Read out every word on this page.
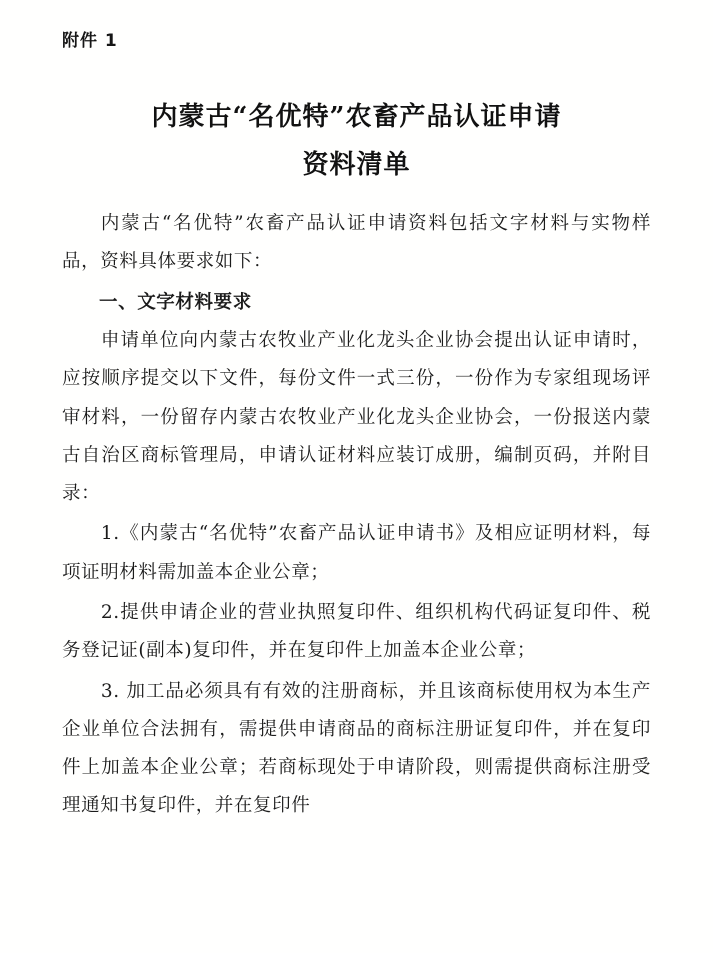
附件 1
内蒙古“名优特”农畜产品认证申请
资料清单

内蒙古“名优特”农畜产品认证申请资料包括文字材料与实物样品，资料具体要求如下：

一、文字材料要求

申请单位向内蒙古农牧业产业化龙头企业协会提出认证申请时，应按顺序提交以下文件，每份文件一式三份，一份作为专家组现场评审材料，一份留存内蒙古农牧业产业化龙头企业协会，一份报送内蒙古自治区商标管理局，申请认证材料应装订成册，编制页码，并附目录：

1.《内蒙古“名优特”农畜产品认证申请书》及相应证明材料，每项证明材料需加盖本企业公章；

2.提供申请企业的营业执照复印件、组织机构代码证复印件、税务登记证(副本)复印件，并在复印件上加盖本企业公章；

3. 加工品必须具有有效的注册商标，并且该商标使用权为本生产企业单位合法拥有，需提供申请商品的商标注册证复印件，并在复印件上加盖本企业公章；若商标现处于申请阶段，则需提供商标注册受理通知书复印件，并在复印件
